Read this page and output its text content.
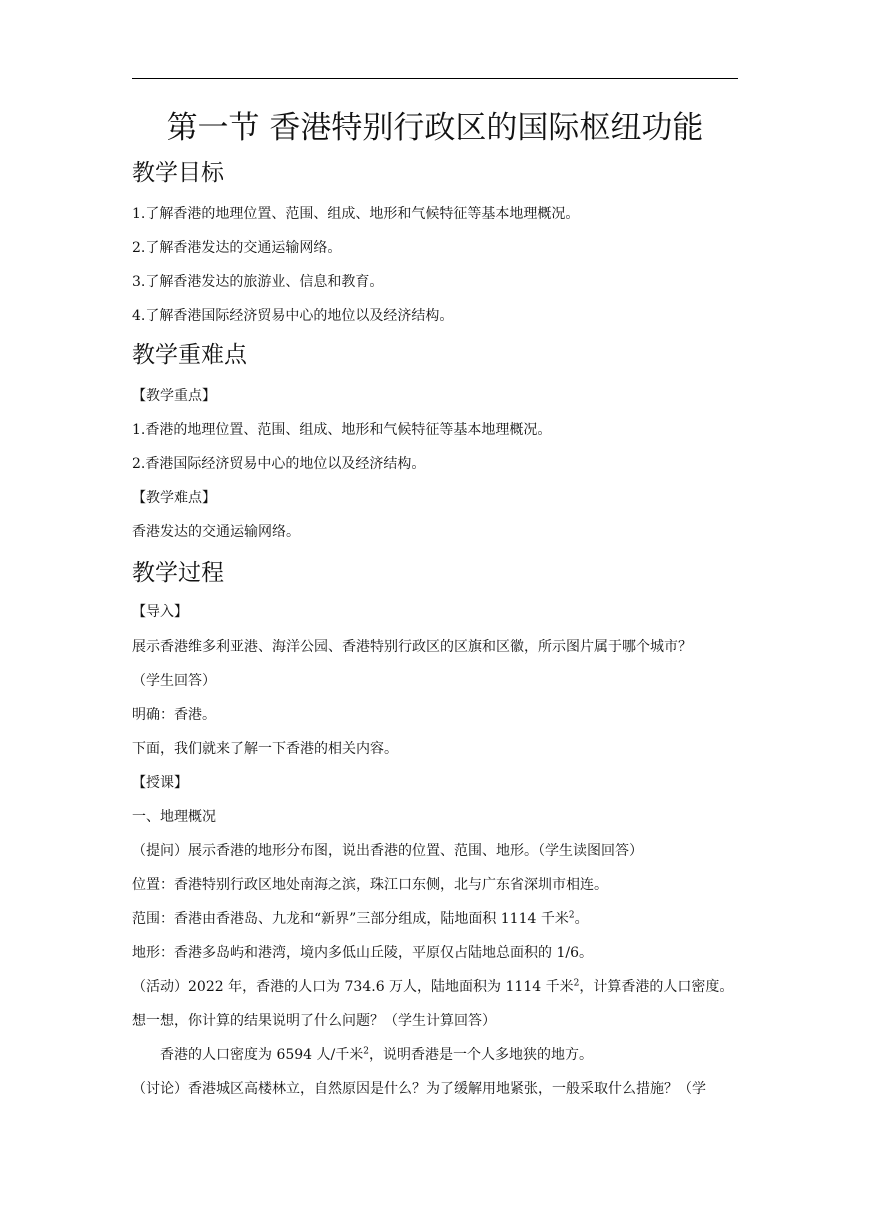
第一节 香港特别行政区的国际枢纽功能
教学目标
1.了解香港的地理位置、范围、组成、地形和气候特征等基本地理概况。
2.了解香港发达的交通运输网络。
3.了解香港发达的旅游业、信息和教育。
4.了解香港国际经济贸易中心的地位以及经济结构。
教学重难点
【教学重点】
1.香港的地理位置、范围、组成、地形和气候特征等基本地理概况。
2.香港国际经济贸易中心的地位以及经济结构。
【教学难点】
香港发达的交通运输网络。
教学过程
【导入】
展示香港维多利亚港、海洋公园、香港特别行政区的区旗和区徽，所示图片属于哪个城市？
（学生回答）
明确：香港。
下面，我们就来了解一下香港的相关内容。
【授课】
一、地理概况
（提问）展示香港的地形分布图，说出香港的位置、范围、地形。（学生读图回答）
位置：香港特别行政区地处南海之滨，珠江口东侧，北与广东省深圳市相连。
范围：香港由香港岛、九龙和“新界”三部分组成，陆地面积 1114 千米$^2$。
地形：香港多岛屿和港湾，境内多低山丘陵，平原仅占陆地总面积的 1/6。
（活动）2022 年，香港的人口为 734.6 万人，陆地面积为 1114 千米$^2$，计算香港的人口密度。
想一想，你计算的结果说明了什么问题？（学生计算回答）
香港的人口密度为 6594 人/千米$^2$，说明香港是一个人多地狭的地方。
（讨论）香港城区高楼林立，自然原因是什么？为了缓解用地紧张，一般采取什么措施？（学
